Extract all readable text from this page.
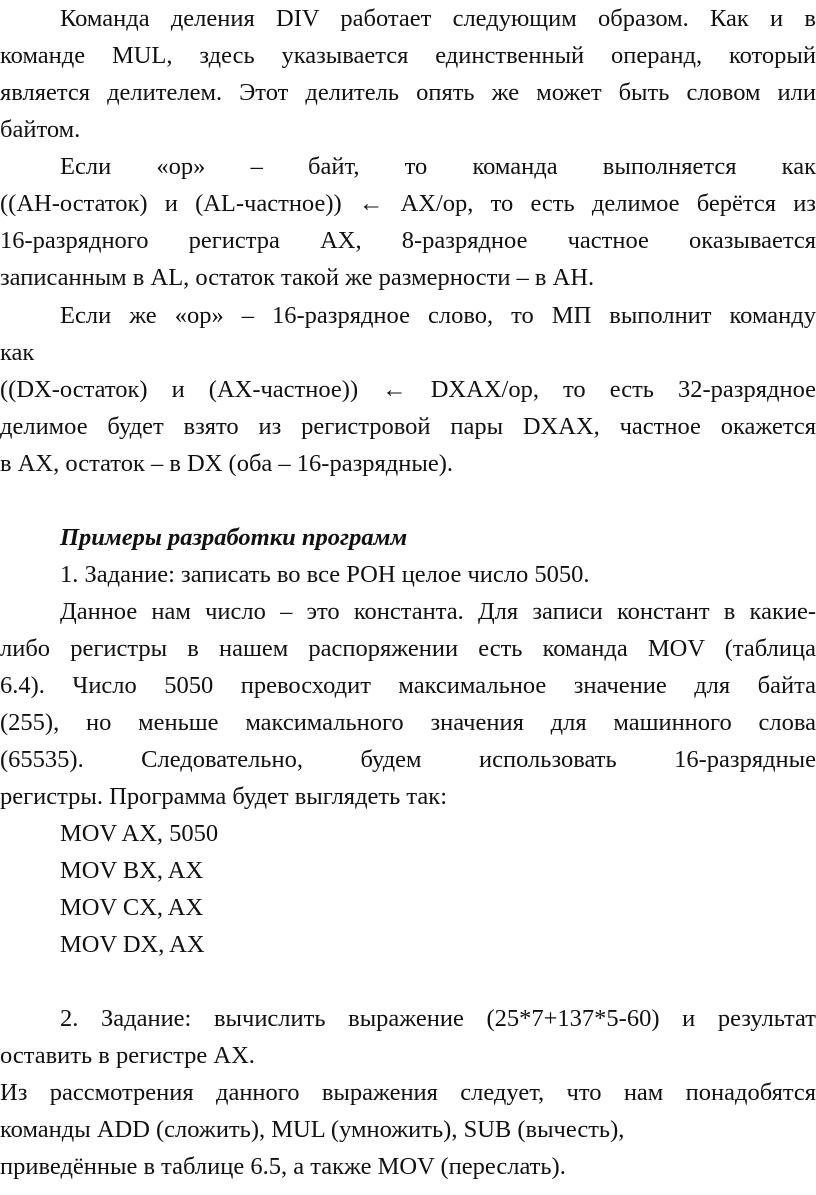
Команда деления DIV работает следующим образом. Как и в
команде MUL, здесь указывается единственный операнд, который
является делителем. Этот делитель опять же может быть словом или
байтом.
Если «op» – байт, то команда выполняется как
((AH-остаток) и (AL-частное)) ← AX/op, то есть делимое берётся из
16-разрядного регистра AX, 8-разрядное частное оказывается
записанным в AL, остаток такой же размерности – в AH.
Если же «op» – 16-разрядное слово, то МП выполнит команду
как
((DX-остаток) и (AX-частное)) ← DXAX/op, то есть 32-разрядное
делимое будет взято из регистровой пары DXAX, частное окажется
в AX, остаток – в DX (оба – 16-разрядные).
Примеры разработки программ
1. Задание: записать во все РОН целое число 5050.
Данное нам число – это константа. Для записи констант в какие-
либо регистры в нашем распоряжении есть команда MOV (таблица
6.4). Число 5050 превосходит максимальное значение для байта
(255), но меньше максимального значения для машинного слова
(65535). Следовательно, будем использовать 16-разрядные
регистры. Программа будет выглядеть так:
MOV AX, 5050
MOV BX, AX
MOV CX, AX
MOV DX, AX
2. Задание: вычислить выражение (25*7+137*5-60) и результат
оставить в регистре AX.
Из рассмотрения данного выражения следует, что нам понадобятся
команды ADD (сложить), MUL (умножить), SUB (вычесть),
приведённые в таблице 6.5, а также MOV (переслать).
